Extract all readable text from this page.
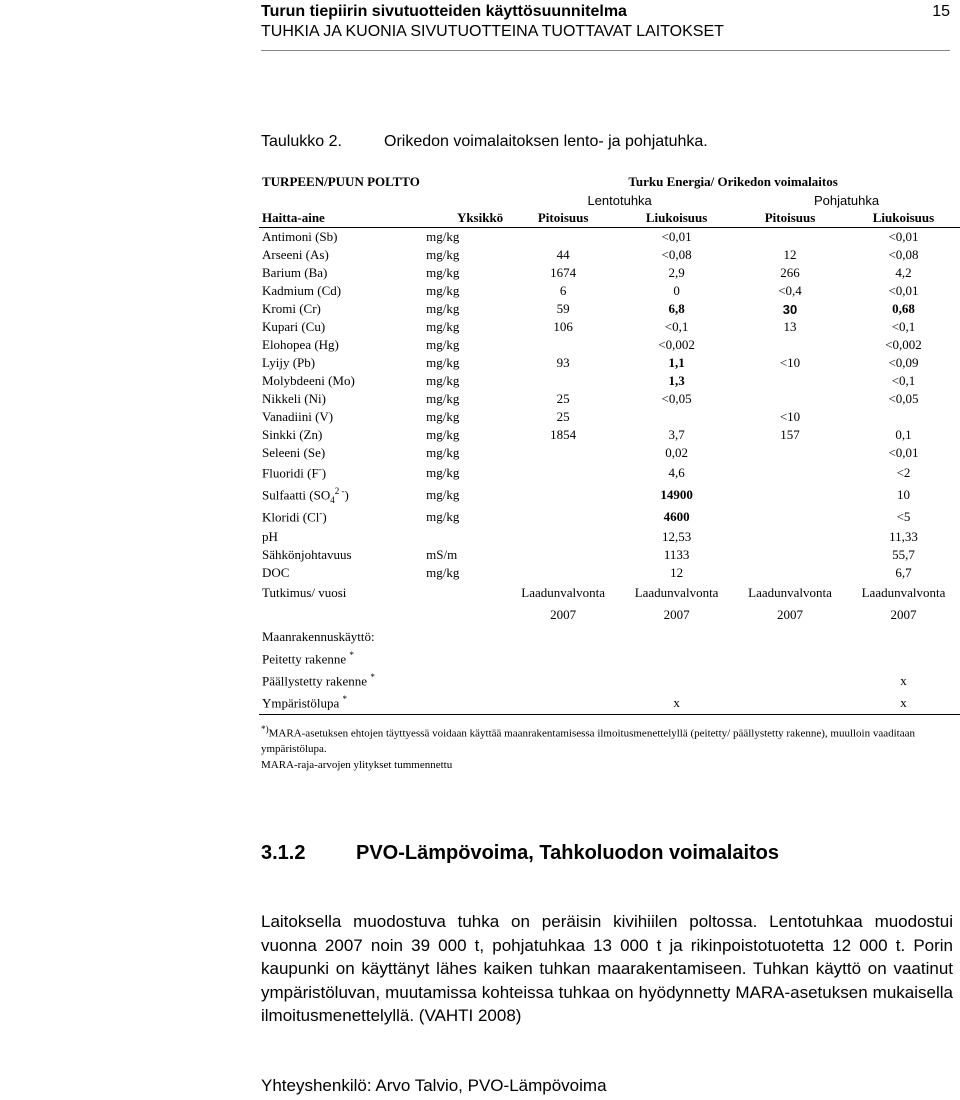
Turun tiepiirin sivutuotteiden käyttösuunnitelma
TUHKIA JA KUONIA SIVUTUOTTEINA TUOTTAVAT LAITOKSET
15
Taulukko 2.	Orikedon voimalaitoksen lento- ja pohjatuhka.
TURPEEN/PUUN POLTTO		Turku Energia/ Orikedon voimalaitos			
		Lentotuhka		Pohjatuhka	
Haitta-aine	Yksikkö	Pitoisuus	Liukoisuus	Pitoisuus	Liukoisuus
Antimoni (Sb)	mg/kg		<0,01		<0,01
Arseeni (As)	mg/kg	44	<0,08	12	<0,08
Barium (Ba)	mg/kg	1674	2,9	266	4,2
Kadmium (Cd)	mg/kg	6	0	<0,4	<0,01
Kromi (Cr)	mg/kg	59	6,8	30	0,68
Kupari (Cu)	mg/kg	106	<0,1	13	<0,1
Elohopea (Hg)	mg/kg		<0,002		<0,002
Lyijy (Pb)	mg/kg	93	1,1	<10	<0,09
Molybdeeni (Mo)	mg/kg		1,3		<0,1
Nikkeli (Ni)	mg/kg	25	<0,05		<0,05
Vanadiini (V)	mg/kg	25		<10	
Sinkki (Zn)	mg/kg	1854	3,7	157	0,1
Seleeni (Se)	mg/kg		0,02		<0,01
Fluoridi (F-)	mg/kg		4,6		<2
Sulfaatti $(SO_4^{2 -})$	mg/kg		14900		10
Kloridi (Cl-)	mg/kg		4600		<5
pH			12,53		11,33
Sähkönjohtavuus	mS/m		1133		55,7
DOC	mg/kg		12		6,7
Tutkimus/ vuosi		Laadunvalvonta	Laadunvalvonta	Laadunvalvonta	Laadunvalvonta
		2007	2007	2007	2007
Maanrakennuskäyttö:					
Peitetty rakenne *					
Päällystetty rakenne *					x
Ympäristölupa *			x		x
*)MARA-asetuksen ehtojen täyttyessä voidaan käyttää maanrakentamisessa ilmoitusmenettelyllä (peitetty/ päällystetty rakenne), muulloin vaaditaan ympäristölupa.
MARA-raja-arvojen ylitykset tummennettu
3.1.2	PVO-Lämpövoima, Tahkoluodon voimalaitos
Laitoksella muodostuva tuhka on peräisin kivihiilen poltossa. Lentotuhkaa muodostui vuonna 2007 noin 39 000 t, pohjatuhkaa 13 000 t ja rikinpoistotuotetta 12 000 t. Porin kaupunki on käyttänyt lähes kaiken tuhkan maarakentamiseen. Tuhkan käyttö on vaatinut ympäristöluvan, muutamissa kohteissa tuhkaa on hyödynnetty MARA-asetuksen mukaisella ilmoitusmenettelyllä. (VAHTI 2008)
Yhteyshenkilö: Arvo Talvio, PVO-Lämpövoima
